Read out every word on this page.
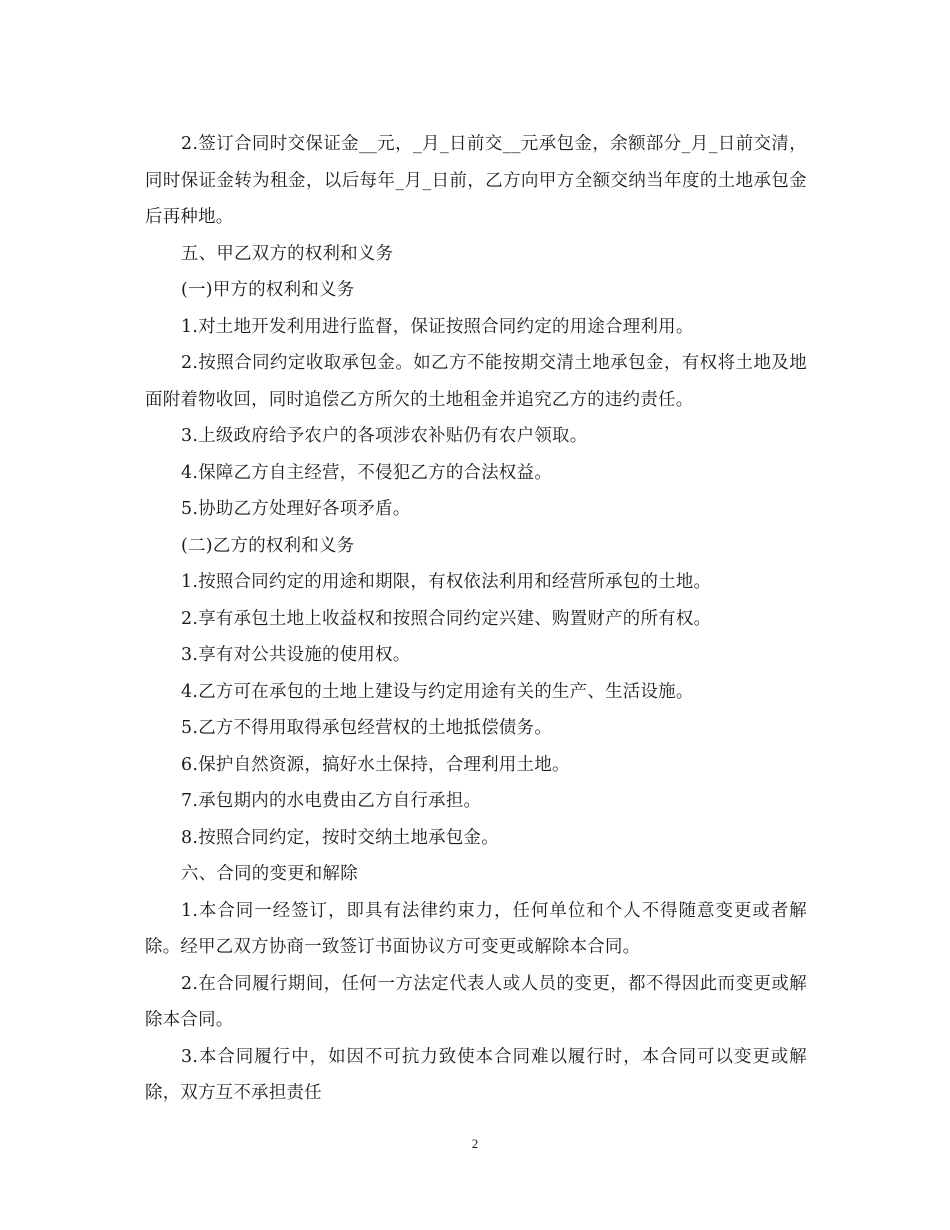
2.签订合同时交保证金__元，_月_日前交__元承包金，余额部分_月_日前交清，同时保证金转为租金，以后每年_月_日前，乙方向甲方全额交纳当年度的土地承包金后再种地。

五、甲乙双方的权利和义务

(一)甲方的权利和义务

1.对土地开发利用进行监督，保证按照合同约定的用途合理利用。

2.按照合同约定收取承包金。如乙方不能按期交清土地承包金，有权将土地及地面附着物收回，同时追偿乙方所欠的土地租金并追究乙方的违约责任。

3.上级政府给予农户的各项涉农补贴仍有农户领取。

4.保障乙方自主经营，不侵犯乙方的合法权益。

5.协助乙方处理好各项矛盾。

(二)乙方的权利和义务

1.按照合同约定的用途和期限，有权依法利用和经营所承包的土地。

2.享有承包土地上收益权和按照合同约定兴建、购置财产的所有权。

3.享有对公共设施的使用权。

4.乙方可在承包的土地上建设与约定用途有关的生产、生活设施。

5.乙方不得用取得承包经营权的土地抵偿债务。

6.保护自然资源，搞好水土保持，合理利用土地。

7.承包期内的水电费由乙方自行承担。

8.按照合同约定，按时交纳土地承包金。

六、合同的变更和解除

1.本合同一经签订，即具有法律约束力，任何单位和个人不得随意变更或者解除。经甲乙双方协商一致签订书面协议方可变更或解除本合同。

2.在合同履行期间，任何一方法定代表人或人员的变更，都不得因此而变更或解除本合同。

3.本合同履行中，如因不可抗力致使本合同难以履行时，本合同可以变更或解除，双方互不承担责任

2
